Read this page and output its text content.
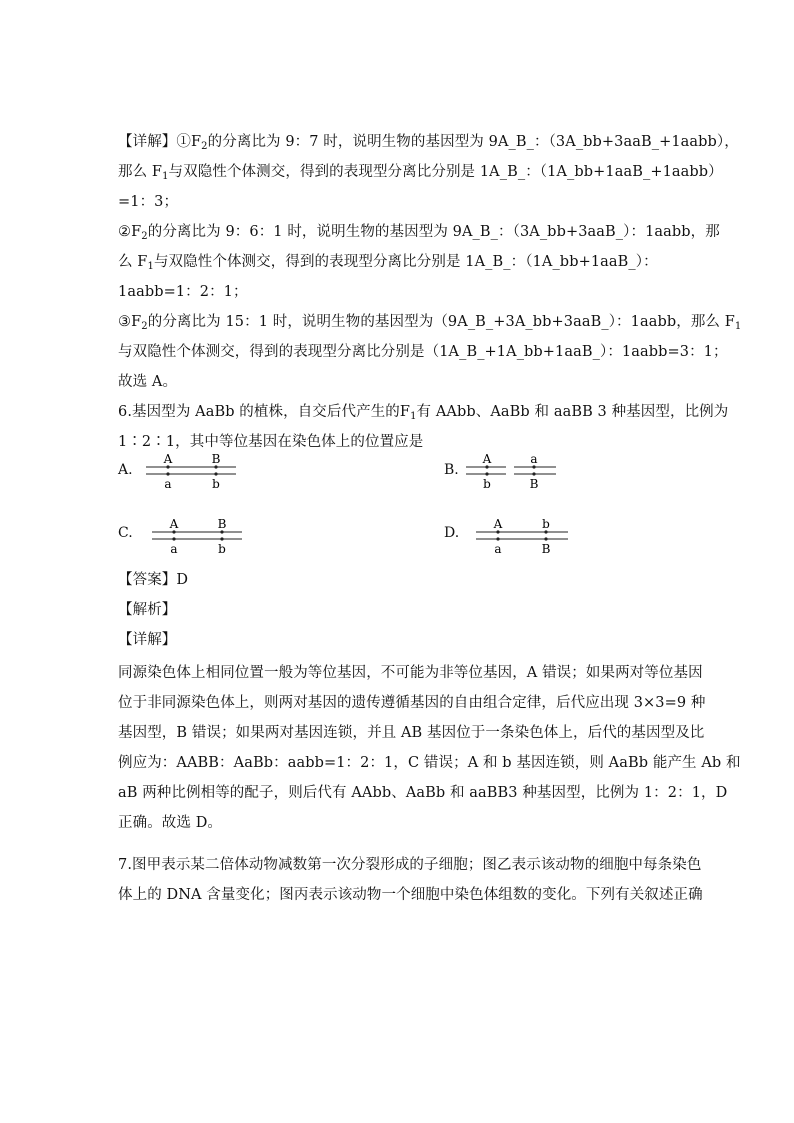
【详解】$①F_2$的分离比为 9：7 时，说明生物的基因型为 9A_B_：（3A_bb+3aaB_+1aabb），
那么 $F_1$与双隐性个体测交，得到的表现型分离比分别是 1A_B_：（1A_bb+1aaB_+1aabb）
=1：3；
$②F_2$的分离比为 9：6：1 时，说明生物的基因型为 9A_B_：（3A_bb+3aaB_）：1aabb，那
么 $F_1$与双隐性个体测交，得到的表现型分离比分别是 1A_B_：（1A_bb+1aaB_）：
1aabb=1：2：1；
$③F_2$的分离比为 15：1 时，说明生物的基因型为（9A_B_+3A_bb+3aaB_）：1aabb，那么 $F_1$
与双隐性个体测交，得到的表现型分离比分别是（1A_B_+1A_bb+1aaB_）：1aabb=3：1；
故选 A。
6.基因型为 AaBb 的植株，自交后代产生的$F_1$有 AAbb、AaBb 和 aaBB 3 种基因型，比例为
1∶2∶1，其中等位基因在染色体上的位置应是
A.
A	B
a	b
B.
A	a
b	B
C.
A	B
a	b
D.
A	b
a	B
【答案】D
【解析】
【详解】
同源染色体上相同位置一般为等位基因，不可能为非等位基因，A 错误；如果两对等位基因
位于非同源染色体上，则两对基因的遗传遵循基因的自由组合定律，后代应出现 3×3=9 种
基因型，B 错误；如果两对基因连锁，并且 AB 基因位于一条染色体上，后代的基因型及比
例应为：AABB：AaBb：aabb=1：2：1，C 错误；A 和 b 基因连锁，则 AaBb 能产生 Ab 和
aB 两种比例相等的配子，则后代有 AAbb、AaBb 和 aaBB3 种基因型，比例为 1：2：1，D
正确。故选 D。
7.图甲表示某二倍体动物减数第一次分裂形成的子细胞；图乙表示该动物的细胞中每条染色
体上的 DNA 含量变化；图丙表示该动物一个细胞中染色体组数的变化。下列有关叙述正确
